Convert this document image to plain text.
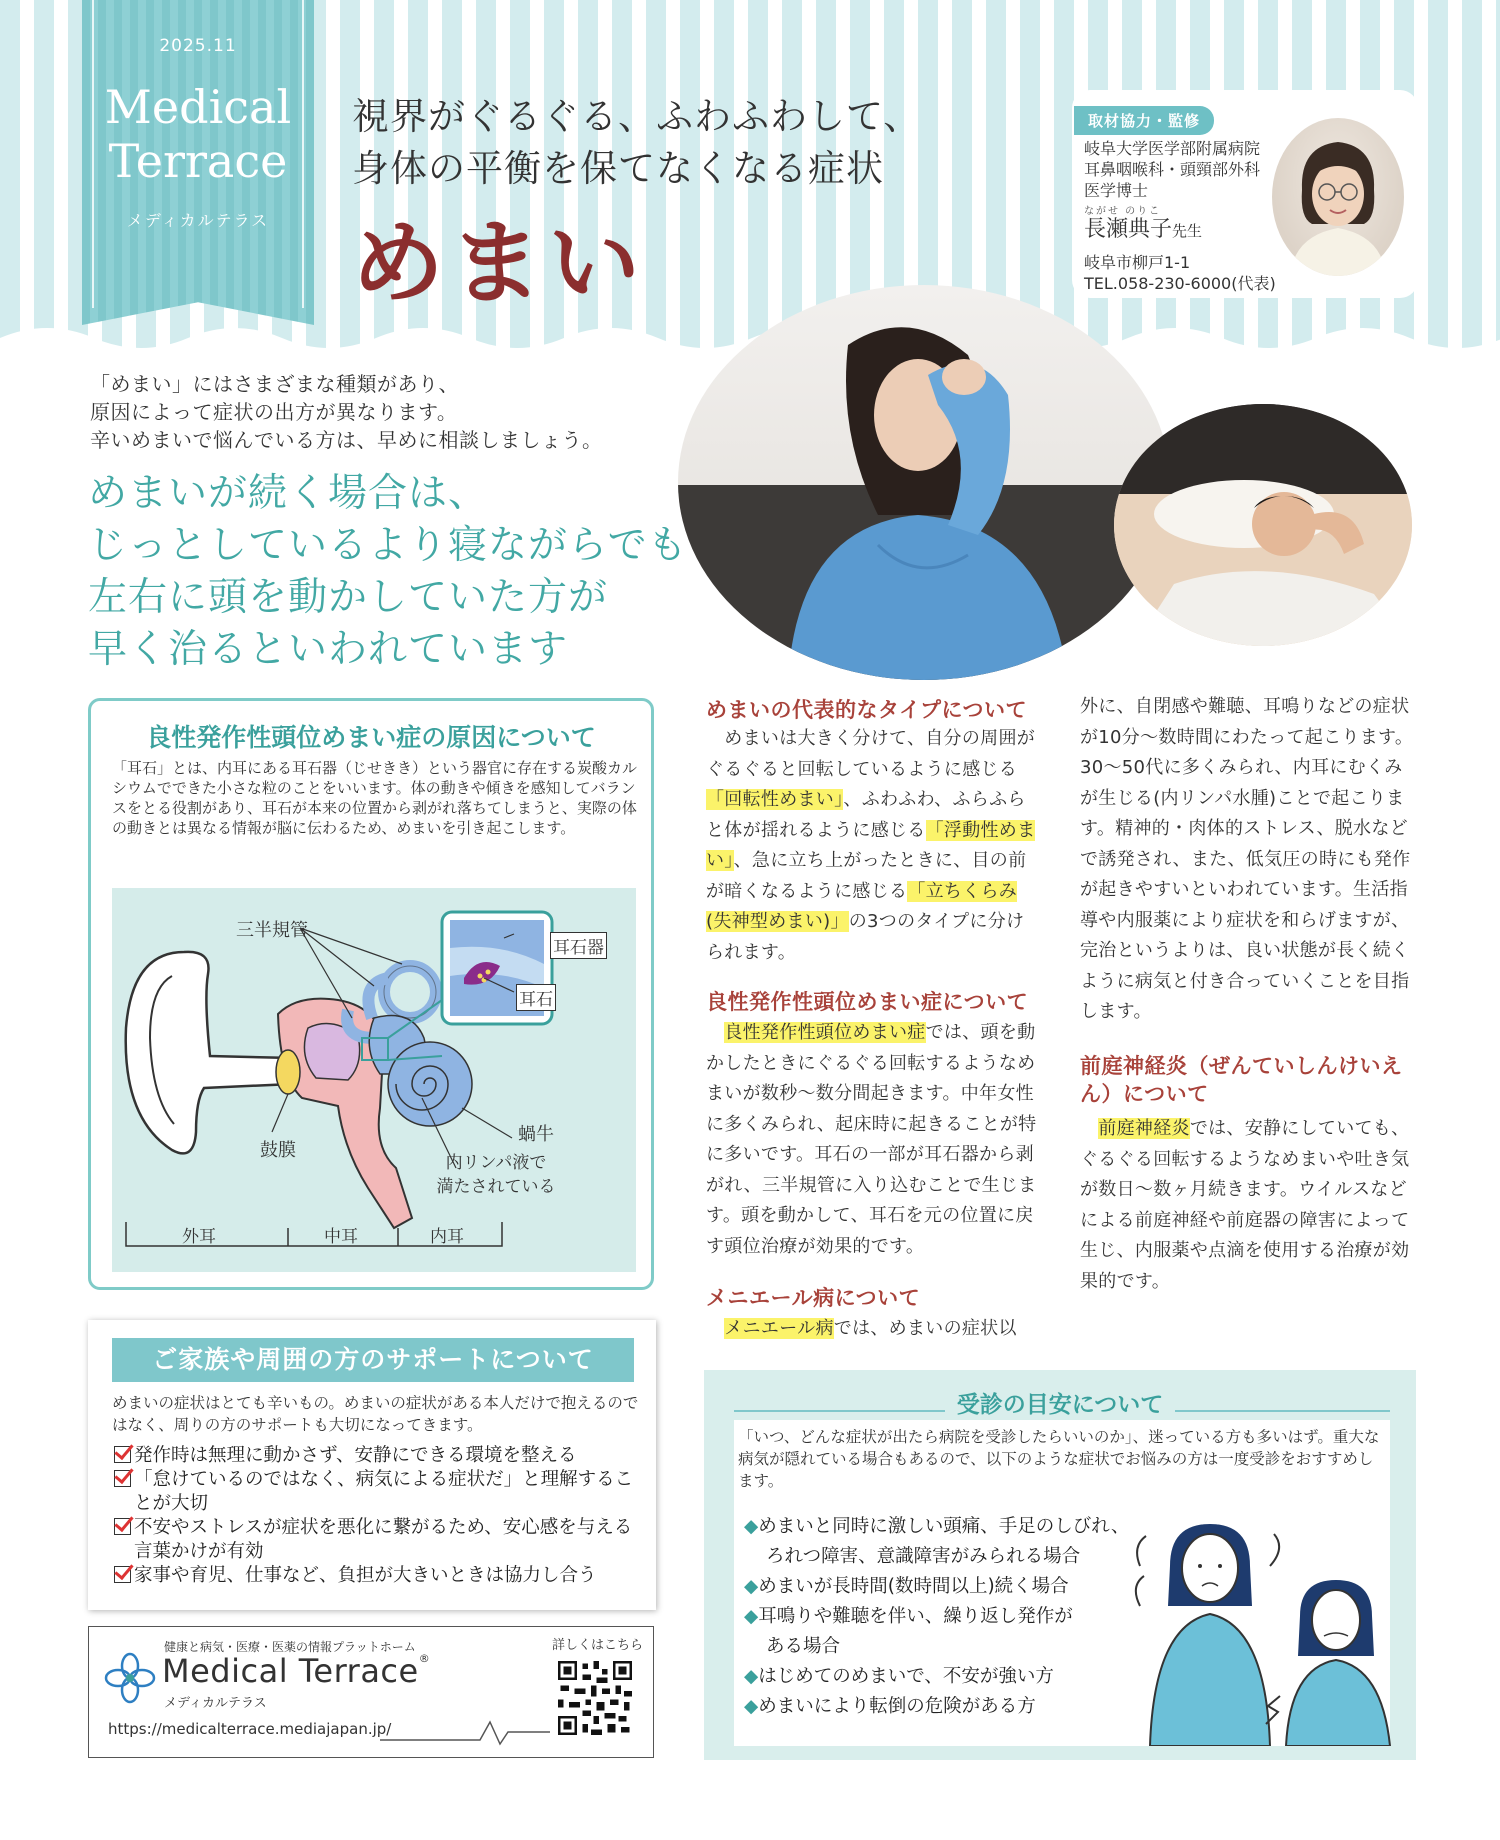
2025.11
Medical
Terrace
メディカルテラス
視界がぐるぐる、ふわふわして、
身体の平衡を保てなくなる症状
めまい
取材協力・監修
岐阜大学医学部附属病院
耳鼻咽喉科・頭頸部外科
医学博士
ながせ のりこ
長瀬典子先生
岐阜市柳戸1-1
TEL.058-230-6000(代表)
「めまい」にはさまざまな種類があり、
原因によって症状の出方が異なります。
辛いめまいで悩んでいる方は、早めに相談しましょう。
めまいが続く場合は、
じっとしているより寝ながらでも
左右に頭を動かしていた方が
早く治るといわれています
良性発作性頭位めまい症の原因について
「耳石」とは、内耳にある耳石器（じせきき）という器官に存在する炭酸カルシウムでできた小さな粒のことをいいます。体の動きや傾きを感知してバランスをとる役割があり、耳石が本来の位置から剥がれ落ちてしまうと、実際の体の動きとは異なる情報が脳に伝わるため、めまいを引き起こします。
三半規管
耳石器
耳石
蝸牛
鼓膜
内リンパ液で
満たされている
外耳	中耳	内耳
ご家族や周囲の方のサポートについて
めまいの症状はとても辛いもの。めまいの症状がある本人だけで抱えるのではなく、周りの方のサポートも大切になってきます。
発作時は無理に動かさず、安静にできる環境を整える
「怠けているのではなく、病気による症状だ」と理解することが大切
不安やストレスが症状を悪化に繋がるため、安心感を与える言葉かけが有効
家事や育児、仕事など、負担が大きいときは協力し合う
健康と病気・医療・医薬の情報プラットホーム
Medical Terrace®
メディカルテラス
https://medicalterrace.mediajapan.jp/
詳しくはこちら
めまいの代表的なタイプについて
　めまいは大きく分けて、自分の周囲がぐるぐると回転しているように感じる「回転性めまい」、ふわふわ、ふらふらと体が揺れるように感じる「浮動性めまい」、急に立ち上がったときに、目の前が暗くなるように感じる「立ちくらみ(失神型めまい)」の3つのタイプに分けられます。
良性発作性頭位めまい症について
　良性発作性頭位めまい症では、頭を動かしたときにぐるぐる回転するようなめまいが数秒〜数分間起きます。中年女性に多くみられ、起床時に起きることが特に多いです。耳石の一部が耳石器から剥がれ、三半規管に入り込むことで生じます。頭を動かして、耳石を元の位置に戻す頭位治療が効果的です。
メニエール病について
　メニエール病では、めまいの症状以
外に、自閉感や難聴、耳鳴りなどの症状が10分〜数時間にわたって起こります。30〜50代に多くみられ、内耳にむくみが生じる(内リンパ水腫)ことで起こります。精神的・肉体的ストレス、脱水などで誘発され、また、低気圧の時にも発作が起きやすいといわれています。生活指導や内服薬により症状を和らげますが、完治というよりは、良い状態が長く続くように病気と付き合っていくことを目指します。
前庭神経炎（ぜんていしんけいえん）について
　前庭神経炎では、安静にしていても、ぐるぐる回転するようなめまいや吐き気が数日〜数ヶ月続きます。ウイルスなどによる前庭神経や前庭器の障害によって生じ、内服薬や点滴を使用する治療が効果的です。
受診の目安について
「いつ、どんな症状が出たら病院を受診したらいいのか」、迷っている方も多いはず。重大な病気が隠れている場合もあるので、以下のような症状でお悩みの方は一度受診をおすすめします。
◆めまいと同時に激しい頭痛、手足のしびれ、
ろれつ障害、意識障害がみられる場合
◆めまいが長時間(数時間以上)続く場合
◆耳鳴りや難聴を伴い、繰り返し発作が
ある場合
◆はじめてのめまいで、不安が強い方
◆めまいにより転倒の危険がある方
